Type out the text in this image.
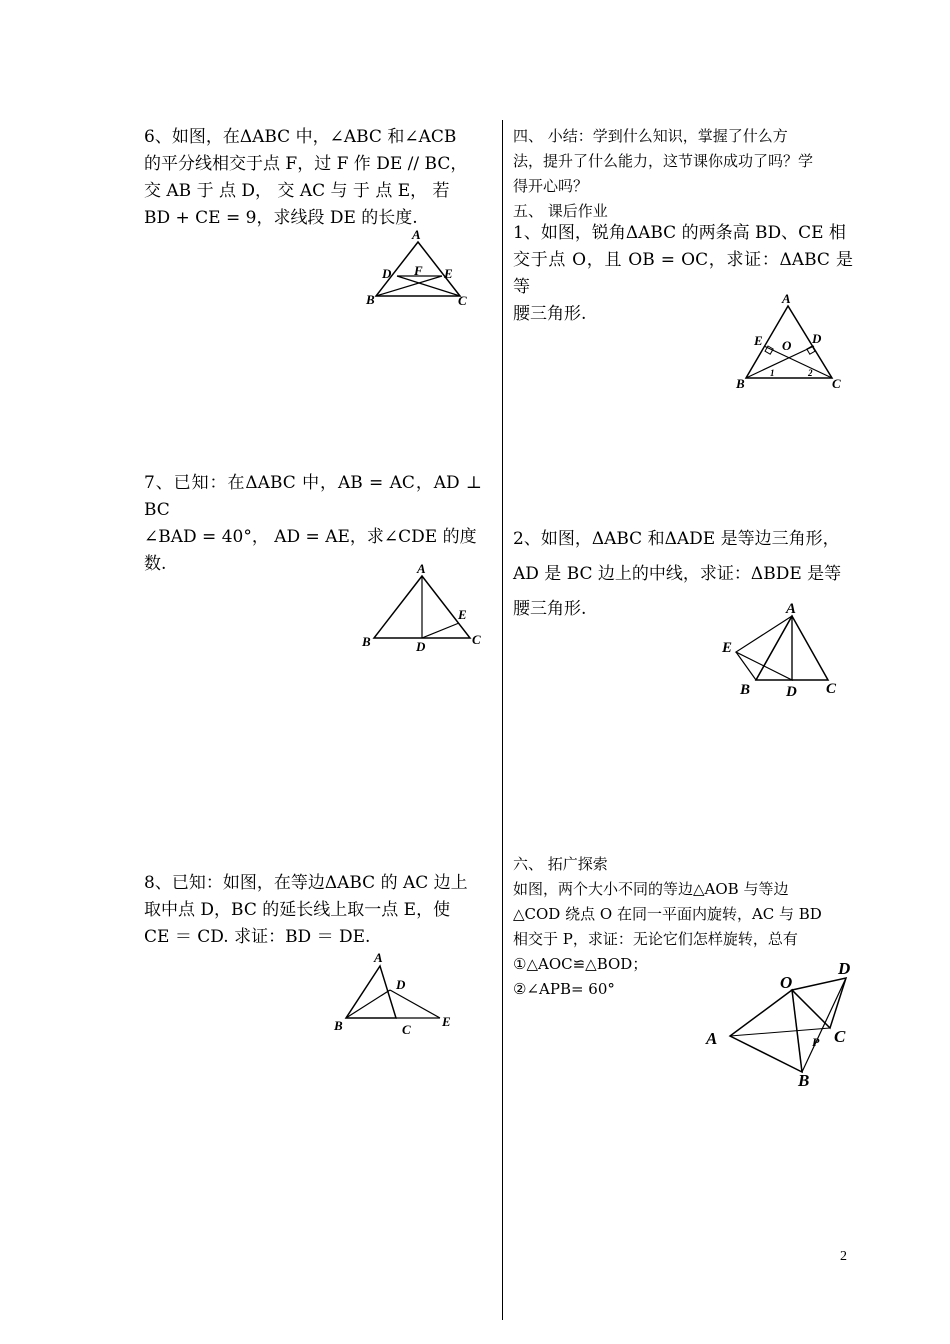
6、如图，在ΔABC 中，∠ABC 和∠ACB

的平分线相交于点 F，过 F 作 DE // BC，

交 AB 于 点 D， 交 AC 与 于 点 E， 若

BD + CE = 9，求线段 DE 的长度.

A
D F E
B	C

7、已知：在ΔABC 中，AB = AC，AD ⊥ BC

∠BAD = 40°， AD = AE，求∠CDE 的度

数.	A
E
B	D	C

8、已知：如图，在等边ΔABC 的 AC 边上

取中点 D，BC 的延长线上取一点 E，使

CE ＝ CD. 求证：BD ＝ DE.

A
D
B	C
E

四、 小结：学到什么知识，掌握了什么方

法，提升了什么能力，这节课你成功了吗？学

得开心吗？

五、 课后作业

1、如图，锐角ΔABC 的两条高 BD、CE 相

交于点 O，且 OB = OC，求证：ΔABC 是等

腰三角形.

A
E O D
B	C
1	2

2、如图，ΔABC 和ΔADE 是等边三角形，

AD 是 BC 边上的中线，求证：ΔBDE 是等

腰三角形.	A
E
B D C

六、 拓广探索

如图，两个大小不同的等边△AOB 与等边

△COD 绕点 O 在同一平面内旋转，AC 与 BD

相交于 P，求证：无论它们怎样旋转，总有

①△AOC≌△BOD；

②∠APB= 60°	O
D
A	P C
B
2
